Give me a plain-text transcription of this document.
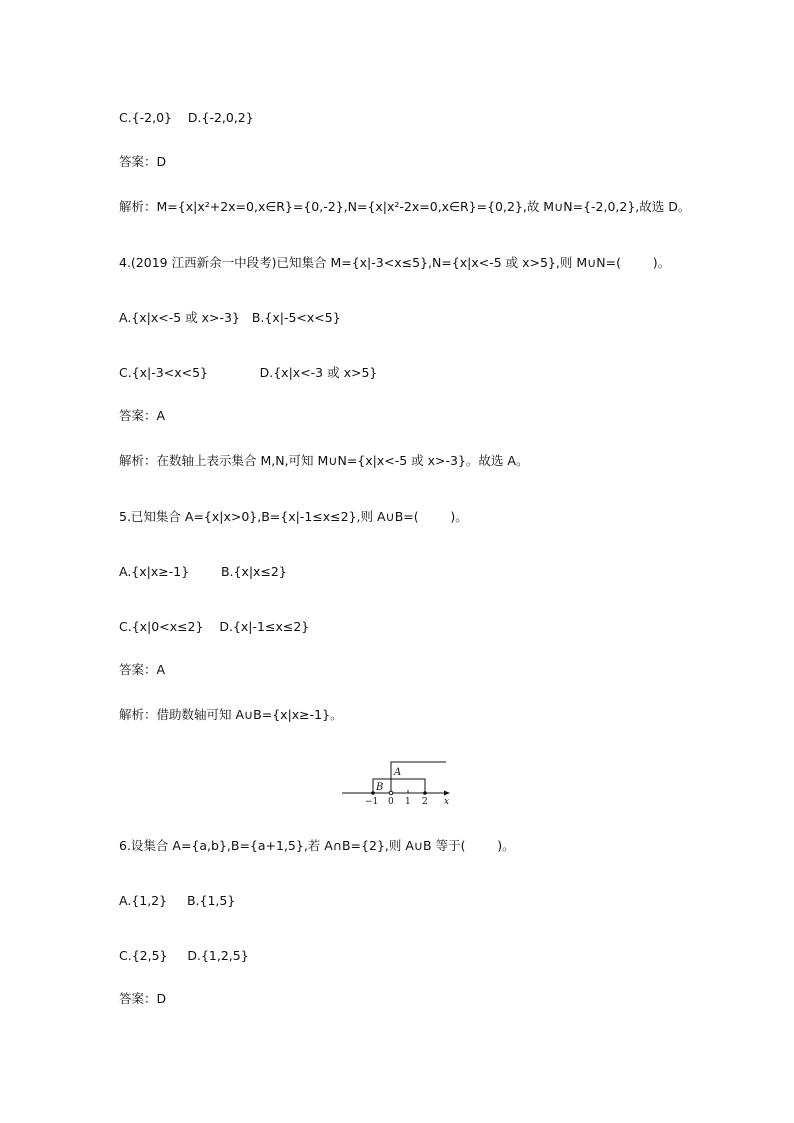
C.{-2,0}    D.{-2,0,2}
答案：D
解析：M={x|x²+2x=0,x∈R}={0,-2},N={x|x²-2x=0,x∈R}={0,2},故 M∪N={-2,0,2},故选 D。
4.(2019 江西新余一中段考)已知集合 M={x|-3<x≤5},N={x|x<-5 或 x>5},则 M∪N=(        )。
A.{x|x<-5 或 x>-3}   B.{x|-5<x<5}
C.{x|-3<x<5}             D.{x|x<-3 或 x>5}
答案：A
解析：在数轴上表示集合 M,N,可知 M∪N={x|x<-5 或 x>-3}。故选 A。
5.已知集合 A={x|x>0},B={x|-1≤x≤2},则 A∪B=(        )。
A.{x|x≥-1}        B.{x|x≤2}
C.{x|0<x≤2}    D.{x|-1≤x≤2}
答案：A
解析：借助数轴可知 A∪B={x|x≥-1}。
A
B
−1 0 1 2 x
6.设集合 A={a,b},B={a+1,5},若 A∩B={2},则 A∪B 等于(        )。
A.{1,2}     B.{1,5}
C.{2,5}     D.{1,2,5}
答案：D
